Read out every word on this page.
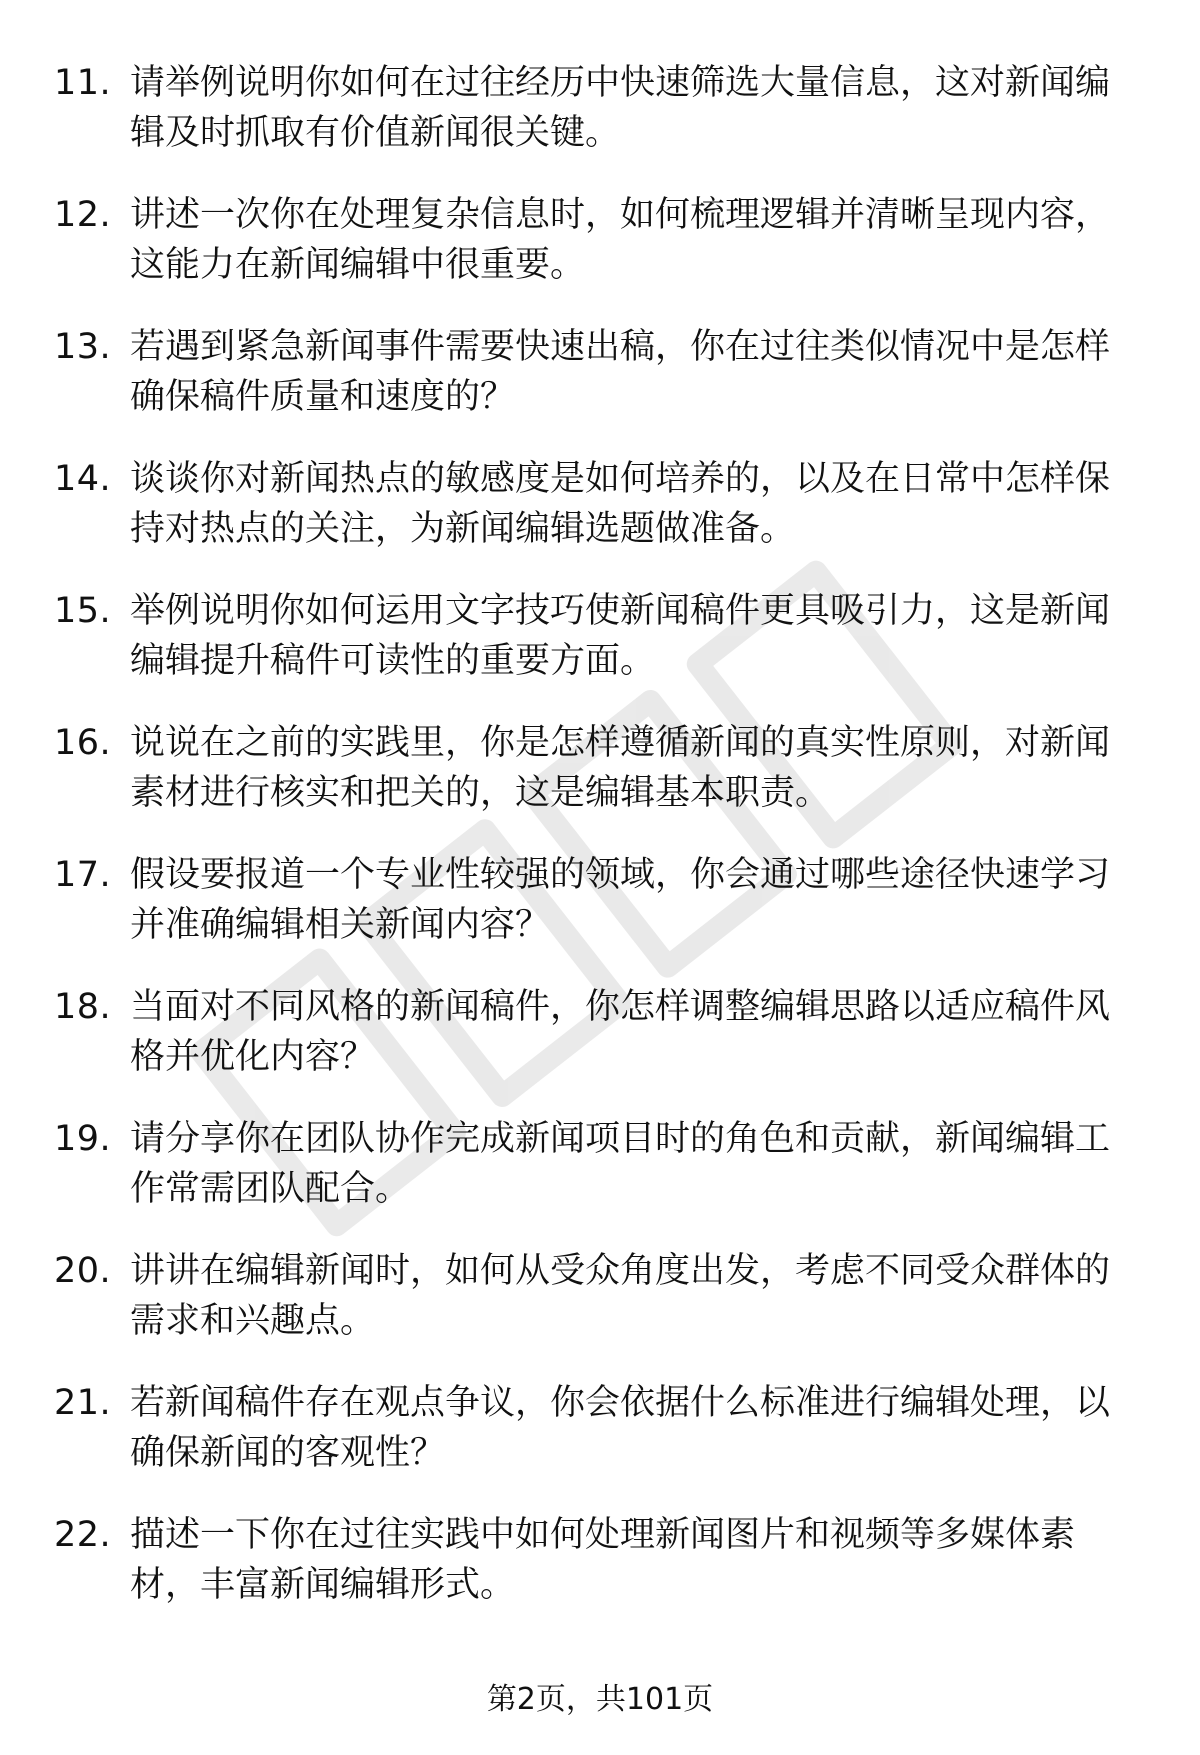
11. 请举例说明你如何在过往经历中快速筛选大量信息，这对新闻编
辑及时抓取有价值新闻很关键。
12. 讲述一次你在处理复杂信息时，如何梳理逻辑并清晰呈现内容，
这能力在新闻编辑中很重要。
13. 若遇到紧急新闻事件需要快速出稿，你在过往类似情况中是怎样
确保稿件质量和速度的？
14. 谈谈你对新闻热点的敏感度是如何培养的，以及在日常中怎样保
持对热点的关注，为新闻编辑选题做准备。
15. 举例说明你如何运用文字技巧使新闻稿件更具吸引力，这是新闻
编辑提升稿件可读性的重要方面。
16. 说说在之前的实践里，你是怎样遵循新闻的真实性原则，对新闻
素材进行核实和把关的，这是编辑基本职责。
17. 假设要报道一个专业性较强的领域，你会通过哪些途径快速学习
并准确编辑相关新闻内容？
18. 当面对不同风格的新闻稿件，你怎样调整编辑思路以适应稿件风
格并优化内容？
19. 请分享你在团队协作完成新闻项目时的角色和贡献，新闻编辑工
作常需团队配合。
20. 讲讲在编辑新闻时，如何从受众角度出发，考虑不同受众群体的
需求和兴趣点。
21. 若新闻稿件存在观点争议，你会依据什么标准进行编辑处理，以
确保新闻的客观性？
22. 描述一下你在过往实践中如何处理新闻图片和视频等多媒体素
材，丰富新闻编辑形式。
第2页，共101页
